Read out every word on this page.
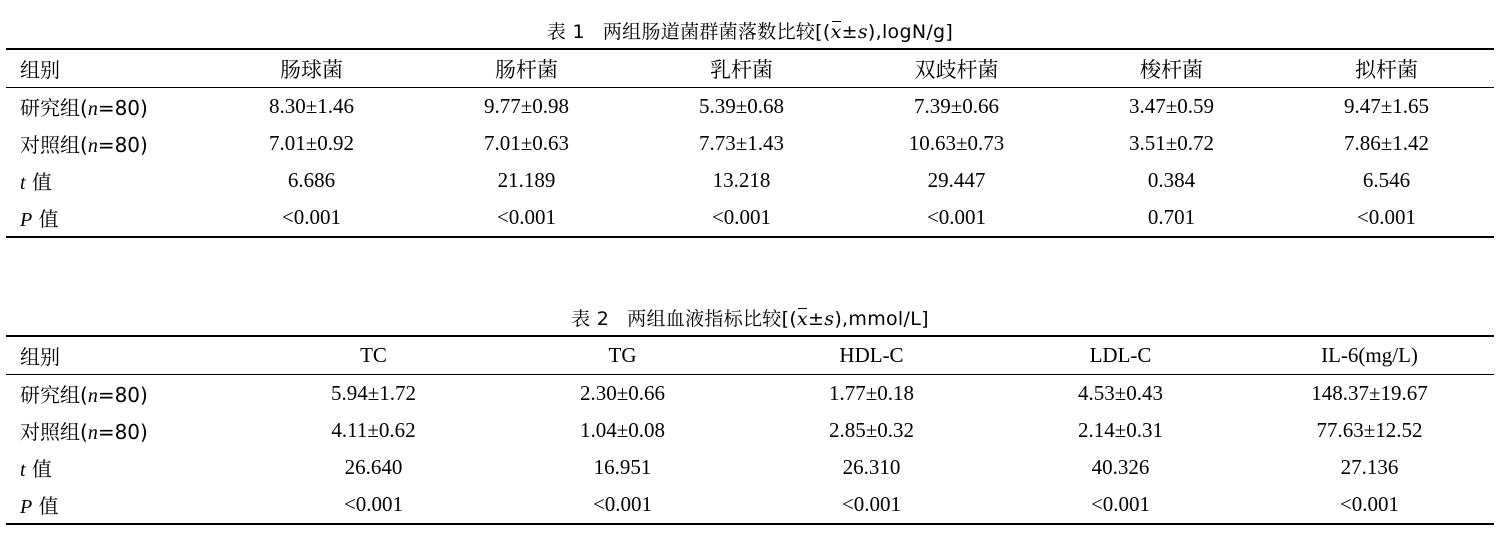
表 1 两组肠道菌群菌落数比较[(x±s),logN/g]
组别	肠球菌	肠杆菌	乳杆菌	双歧杆菌	梭杆菌	拟杆菌
研究组(n=80)	8.30±1.46	9.77±0.98	5.39±0.68	7.39±0.66	3.47±0.59	9.47±1.65
对照组(n=80)	7.01±0.92	7.01±0.63	7.73±1.43	10.63±0.73	3.51±0.72	7.86±1.42
t 值	6.686	21.189	13.218	29.447	0.384	6.546
P 值	<0.001	<0.001	<0.001	<0.001	0.701	<0.001
表 2 两组血液指标比较[(x±s),mmol/L]
组别	TC	TG	HDL-C	LDL-C	IL-6(mg/L)
研究组(n=80)	5.94±1.72	2.30±0.66	1.77±0.18	4.53±0.43	148.37±19.67
对照组(n=80)	4.11±0.62	1.04±0.08	2.85±0.32	2.14±0.31	77.63±12.52
t 值	26.640	16.951	26.310	40.326	27.136
P 值	<0.001	<0.001	<0.001	<0.001	<0.001
